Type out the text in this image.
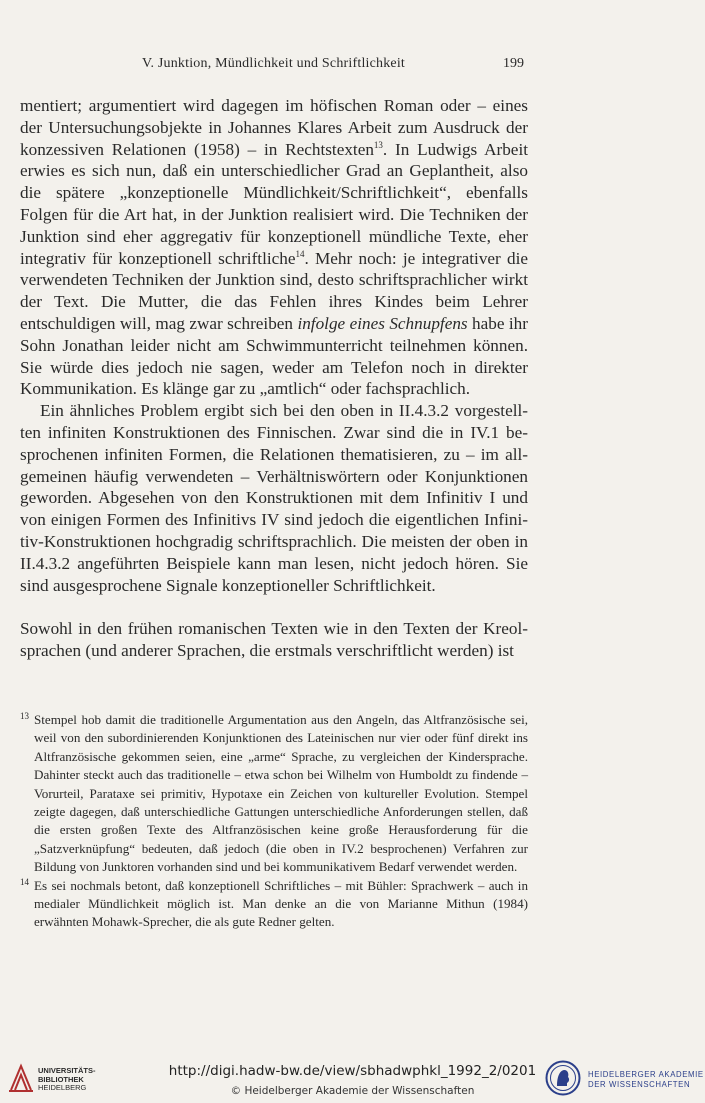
V. Junktion, Mündlichkeit und Schriftlichkeit	199

mentiert; argumentiert wird dagegen im höfischen Roman oder – eines der Untersuchungsobjekte in Johannes Klares Arbeit zum Ausdruck der konzessiven Relationen (1958) – in Rechtstexten$^{13}$. In Ludwigs Arbeit erwies es sich nun, daß ein unterschiedlicher Grad an Geplantheit, also die spätere „konzeptionelle Mündlichkeit/Schriftlichkeit“, ebenfalls Folgen für die Art hat, in der Junktion realisiert wird. Die Techniken der Junktion sind eher aggregativ für konzeptionell mündliche Texte, eher integrativ für konzeptionell schriftliche$^{14}$. Mehr noch: je integrativer die verwendeten Techniken der Junktion sind, desto schriftsprachlicher wirkt der Text. Die Mutter, die das Fehlen ihres Kindes beim Lehrer entschuldigen will, mag zwar schreiben infolge eines Schnupfens habe ihr Sohn Jonathan leider nicht am Schwimmunterricht teilnehmen können. Sie würde dies jedoch nie sagen, weder am Telefon noch in direkter Kommunikation. Es klänge gar zu „amtlich“ oder fachsprachlich.

Ein ähnliches Problem ergibt sich bei den oben in II.4.3.2 vorgestellten infiniten Konstruktionen des Finnischen. Zwar sind die in IV.1 besprochenen infiniten Formen, die Relationen thematisieren, zu – im allgemeinen häufig verwendeten – Verhältniswörtern oder Konjunktionen geworden. Abgesehen von den Konstruktionen mit dem Infinitiv I und von einigen Formen des Infinitivs IV sind jedoch die eigentlichen Infinitiv-Konstruktionen hochgradig schriftsprachlich. Die meisten der oben in II.4.3.2 angeführten Beispiele kann man lesen, nicht jedoch hören. Sie sind ausgesprochene Signale konzeptioneller Schriftlichkeit.

Sowohl in den frühen romanischen Texten wie in den Texten der Kreolsprachen (und anderer Sprachen, die erstmals verschriftlicht werden) ist

13 Stempel hob damit die traditionelle Argumentation aus den Angeln, das Altfranzösische sei, weil von den subordinierenden Konjunktionen des Lateinischen nur vier oder fünf direkt ins Altfranzösische gekommen seien, eine „arme“ Sprache, zu vergleichen der Kindersprache. Dahinter steckt auch das traditionelle – etwa schon bei Wilhelm von Humboldt zu findende – Vorurteil, Parataxe sei primitiv, Hypotaxe ein Zeichen von kultureller Evolution. Stempel zeigte dagegen, daß unterschiedliche Gattungen unterschiedliche Anforderungen stellen, daß die ersten großen Texte des Altfranzösischen keine große Herausforderung für die „Satzverknüpfung“ bedeuten, daß jedoch (die oben in IV.2 besprochenen) Verfahren zur Bildung von Junktoren vorhanden sind und bei kommunikativem Bedarf verwendet werden.

14 Es sei nochmals betont, daß konzeptionell Schriftliches – mit Bühler: Sprachwerk – auch in medialer Mündlichkeit möglich ist. Man denke an die von Marianne Mithun (1984) erwähnten Mohawk-Sprecher, die als gute Redner gelten.

UNIVERSITÄTS-
BIBLIOTHEK
HEIDELBERG
http://digi.hadw-bw.de/view/sbhadwphkl_1992_2/0201
© Heidelberger Akademie der Wissenschaften
HEIDELBERGER AKADEMIE
DER WISSENSCHAFTEN
